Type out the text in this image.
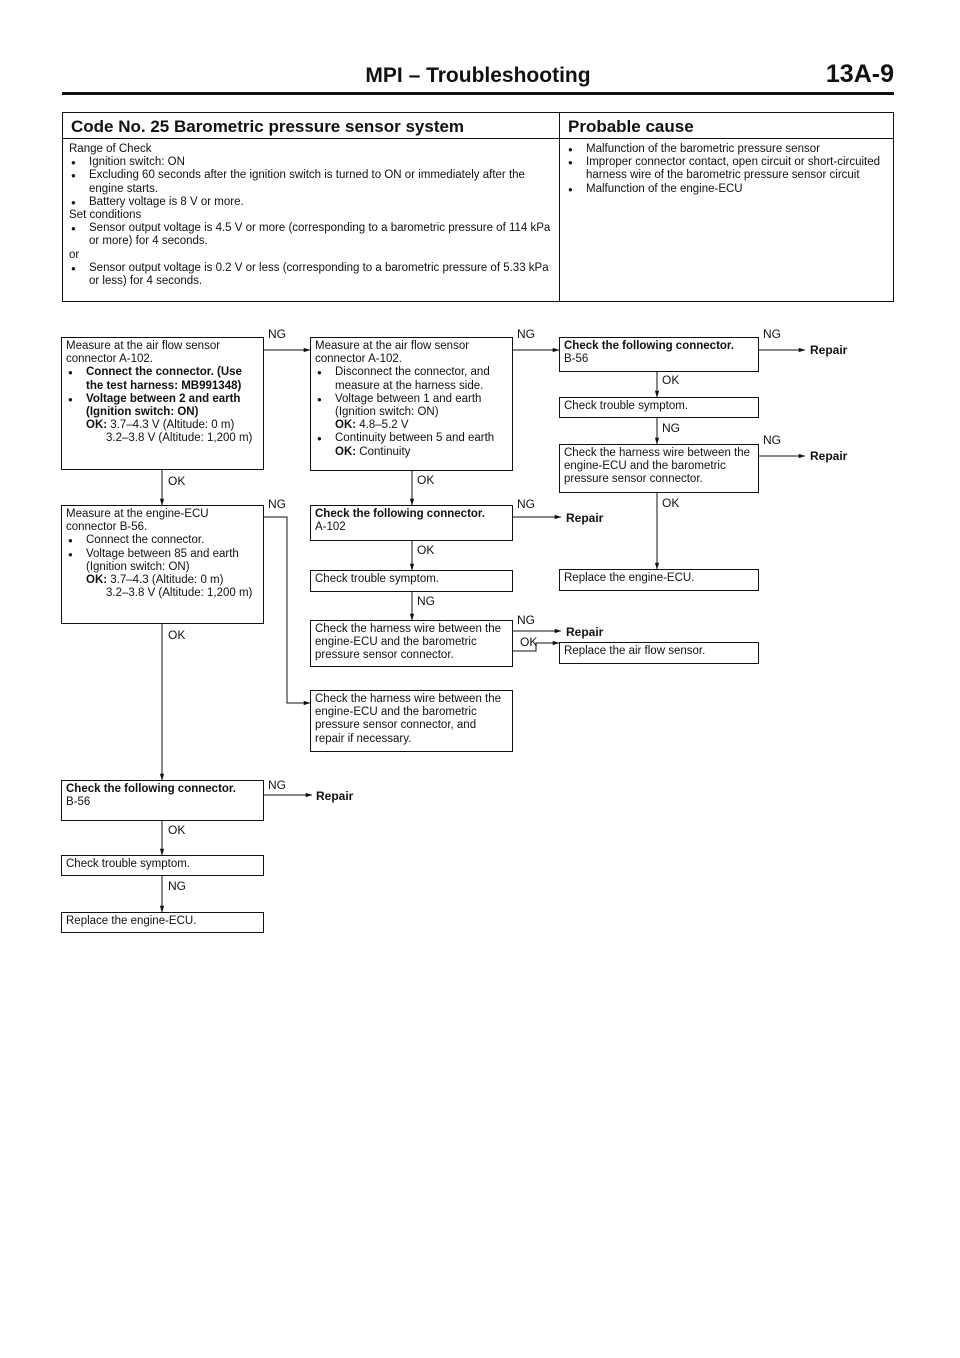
MPI – Troubleshooting	13A-9
Code No. 25 Barometric pressure sensor system

Range of Check

● Ignition switch: ON

● Excluding 60 seconds after the ignition switch is turned to ON or immediately after the engine starts.

● Battery voltage is 8 V or more.

Set conditions

● Sensor output voltage is 4.5 V or more (corresponding to a barometric pressure of 114 kPa or more) for 4 seconds.

or

● Sensor output voltage is 0.2 V or less (corresponding to a barometric pressure of 5.33 kPa or less) for 4 seconds.

Probable cause

● Malfunction of the barometric pressure sensor

● Improper connector contact, open circuit or short-circuited harness wire of the barometric pressure sensor circuit

● Malfunction of the engine-ECU

Measure at the air flow sensor connector A-102.

● Connect the connector. (Use the test harness: MB991348)

● Voltage between 2 and earth (Ignition switch: ON)

OK: 3.7–4.3 V (Altitude: 0 m)

3.2–3.8 V (Altitude: 1,200 m)

Measure at the engine-ECU connector B-56.

● Connect the connector.

● Voltage between 85 and earth (Ignition switch: ON)

OK: 3.7–4.3 (Altitude: 0 m)

3.2–3.8 V (Altitude: 1,200 m)

Check the following connector.

B-56

Check trouble symptom.

Replace the engine-ECU.

Measure at the air flow sensor connector A-102.

● Disconnect the connector, and measure at the harness side.

● Voltage between 1 and earth (Ignition switch: ON)

OK: 4.8–5.2 V

● Continuity between 5 and earth

OK: Continuity

Check the following connector.

A-102

Check trouble symptom.

Check the harness wire between the engine-ECU and the barometric pressure sensor connector.

Check the harness wire between the engine-ECU and the barometric pressure sensor connector, and repair if necessary.

Check the following connector.

B-56

Check trouble symptom.

Check the harness wire between the engine-ECU and the barometric pressure sensor connector.

Replace the engine-ECU.

Replace the air flow sensor.

OK
OK
OK
NG
NG
NG
NG
OK
OK
NG
NG
NG
NG
OK
OK
NG
OK
NG
NG
Repair
Repair
Repair
Repair
Repair
